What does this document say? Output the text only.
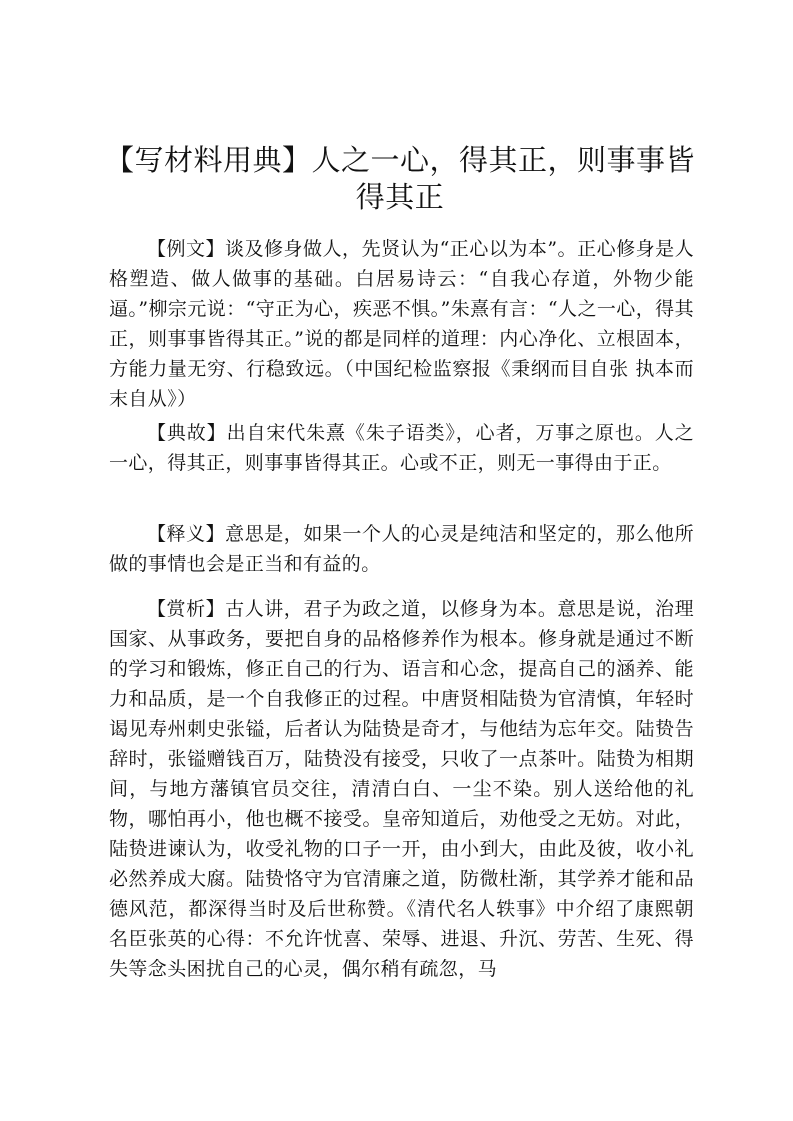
【写材料用典】人之一心，得其正，则事事皆得其正

【例文】谈及修身做人，先贤认为“正心以为本”。正心修身是人格塑造、做人做事的基础。白居易诗云：“自我心存道，外物少能逼。”柳宗元说：“守正为心，疾恶不惧。”朱熹有言：“人之一心，得其正，则事事皆得其正。”说的都是同样的道理：内心净化、立根固本，方能力量无穷、行稳致远。（中国纪检监察报《秉纲而目自张 执本而末自从》）

【典故】出自宋代朱熹《朱子语类》，心者，万事之原也。人之一心，得其正，则事事皆得其正。心或不正，则无一事得由于正。

【释义】意思是，如果一个人的心灵是纯洁和坚定的，那么他所做的事情也会是正当和有益的。

【赏析】古人讲，君子为政之道，以修身为本。意思是说，治理国家、从事政务，要把自身的品格修养作为根本。修身就是通过不断的学习和锻炼，修正自己的行为、语言和心念，提高自己的涵养、能力和品质，是一个自我修正的过程。中唐贤相陆贽为官清慎，年轻时谒见寿州刺史张镒，后者认为陆贽是奇才，与他结为忘年交。陆贽告辞时，张镒赠钱百万，陆贽没有接受，只收了一点茶叶。陆贽为相期间，与地方藩镇官员交往，清清白白、一尘不染。别人送给他的礼物，哪怕再小，他也概不接受。皇帝知道后，劝他受之无妨。对此，陆贽进谏认为，收受礼物的口子一开，由小到大，由此及彼，收小礼必然养成大腐。陆贽恪守为官清廉之道，防微杜渐，其学养才能和品德风范，都深得当时及后世称赞。《清代名人轶事》中介绍了康熙朝名臣张英的心得：不允许忧喜、荣辱、进退、升沉、劳苦、生死、得失等念头困扰自己的心灵，偶尔稍有疏忽，马
